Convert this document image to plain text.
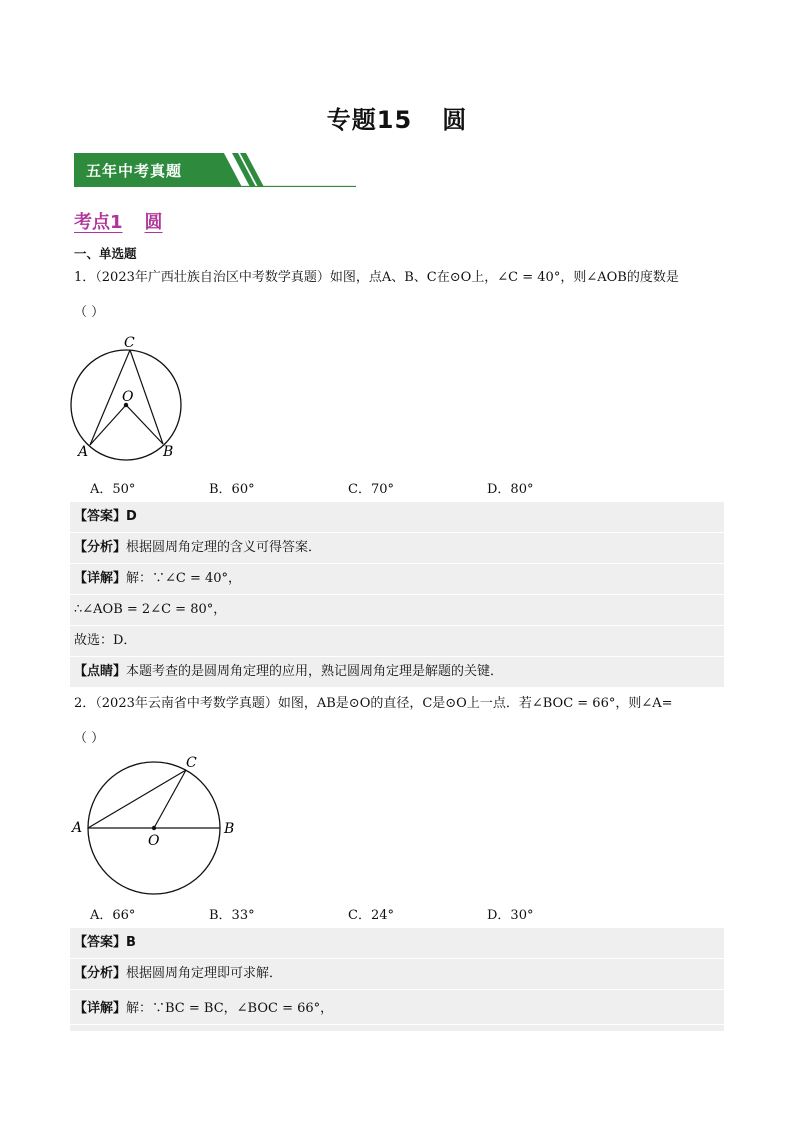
专题15 圆
五年中考真题
考点1 圆
一、单选题
1．（2023年广西壮族自治区中考数学真题）如图，点A、B、C在⊙O上，∠C = 40°，则∠AOB的度数是
（ ）
C
O
A	B
A．50°	B．60°	C．70°	D．80°
【答案】D
【分析】根据圆周角定理的含义可得答案．
【详解】解：∵∠C = 40°，
∴∠AOB = 2∠C = 80°，
故选：D．
【点睛】本题考查的是圆周角定理的应用，熟记圆周角定理是解题的关键．
2．（2023年云南省中考数学真题）如图，AB是⊙O的直径，C是⊙O上一点．若∠BOC = 66°，则∠A=
（ ）
C
O
A	B
A．66°	B．33°	C．24°	D．30°
【答案】B
【分析】根据圆周角定理即可求解．
【详解】解：∵BC = BC，∠BOC = 66°，
